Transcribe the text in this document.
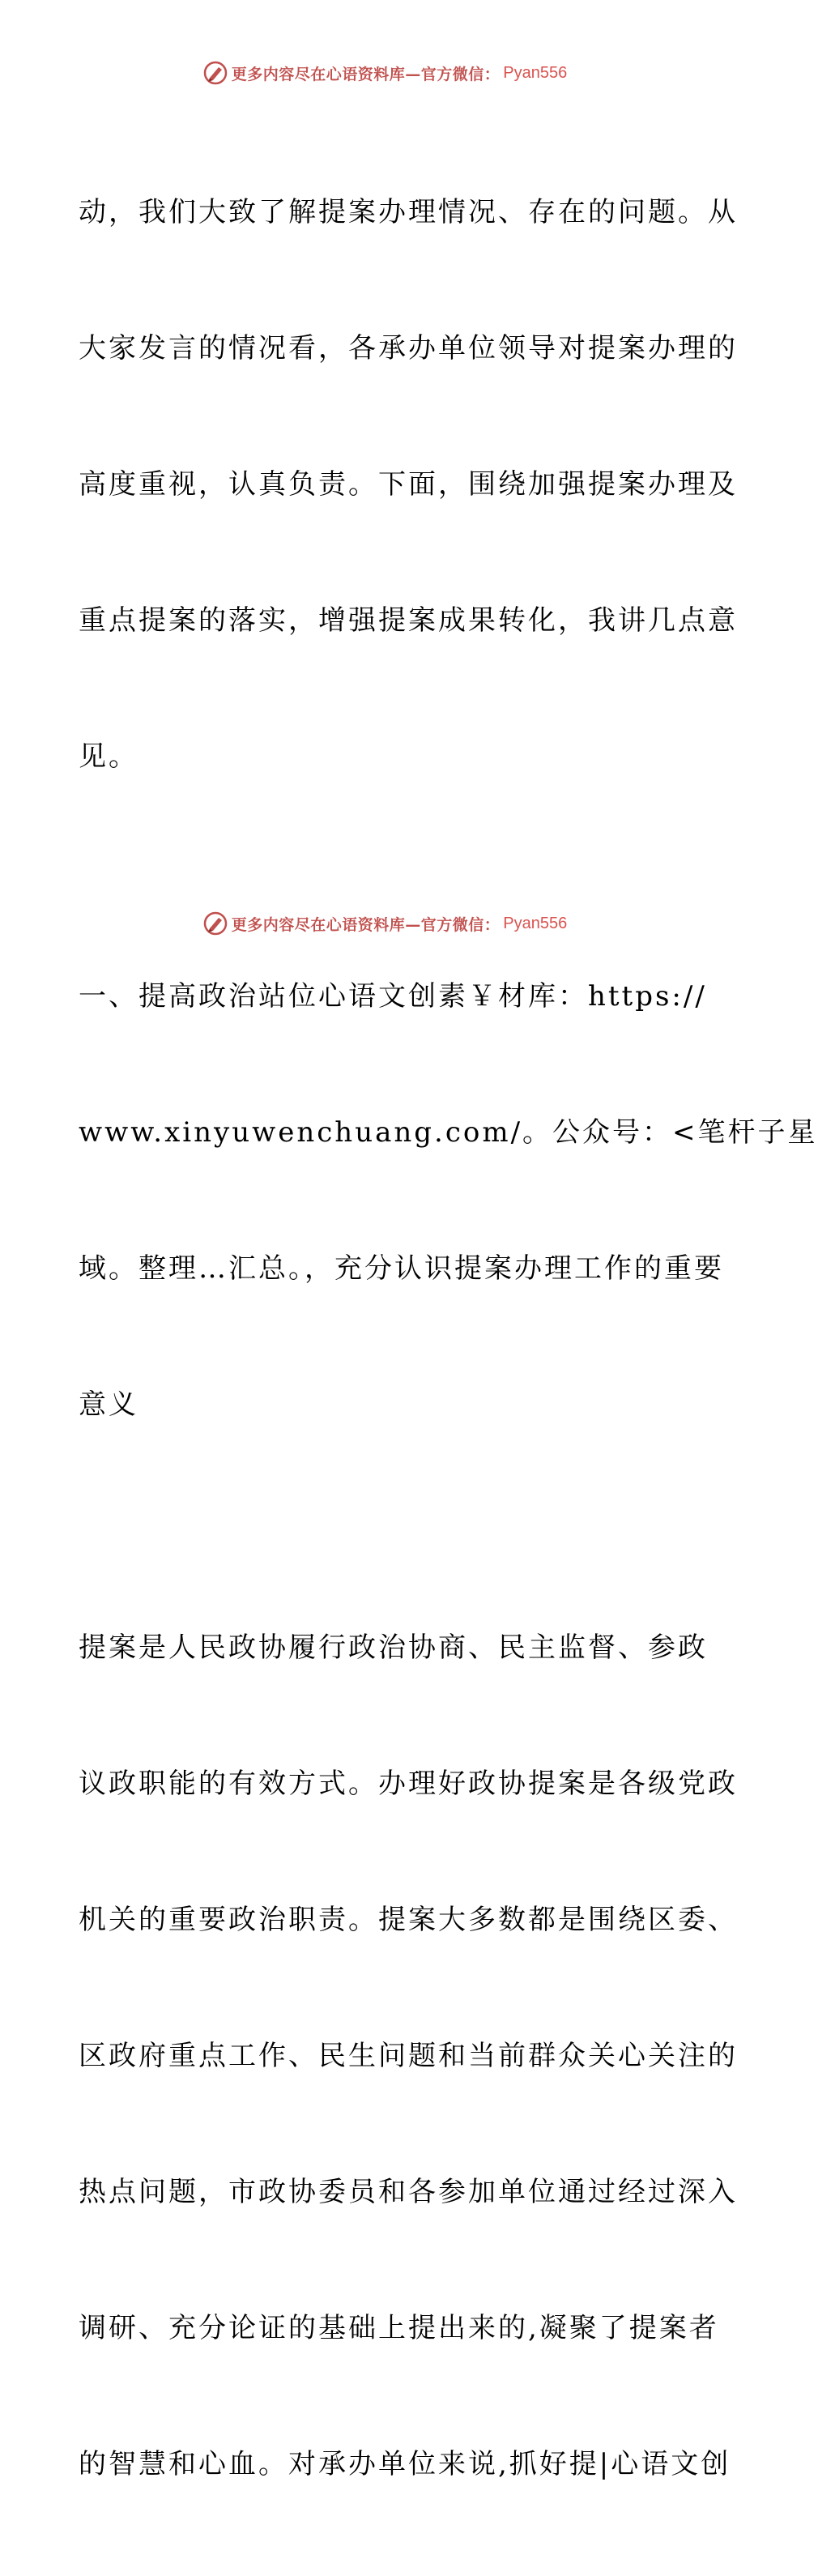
更多内容尽在心语资料库—官方微信： Pyan556

动，我们大致了解提案办理情况、存在的问题。从

大家发言的情况看，各承办单位领导对提案办理的

高度重视，认真负责。下面，围绕加强提案办理及

重点提案的落实，增强提案成果转化，我讲几点意

见。

一、提高政治站位心语文创素￥材库：https://

www.xinyuwenchuang.com/。公众号：<笔杆子星

域。整理…汇总。，充分认识提案办理工作的重要

意义

提案是人民政协履行政治协商、民主监督、参政

议政职能的有效方式。办理好政协提案是各级党政

机关的重要政治职责。提案大多数都是围绕区委、

区政府重点工作、民生问题和当前群众关心关注的

热点问题，市政协委员和各参加单位通过经过深入

调研、充分论证的基础上提出来的,凝聚了提案者

的智慧和心血。对承办单位来说,抓好提|心语文创

更多内容尽在心语资料库—官方微信： Pyan556
